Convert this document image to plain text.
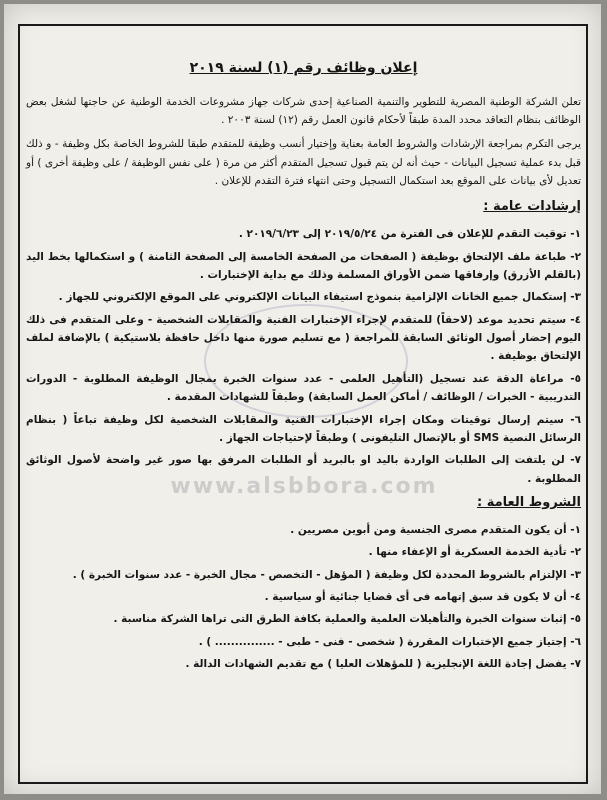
www.alsbbora.com
إعلان وظائف رقم (١) لسنة ٢٠١٩

تعلن الشركة الوطنية المصرية للتطوير والتنمية الصناعية إحدى شركات جهاز مشروعات الخدمة الوطنية عن حاجتها لشغل بعض الوظائف بنظام التعاقد محدد المدة طبقاً لأحكام قانون العمل رقم (١٢) لسنة ٢٠٠٣ .

يرجى التكرم بمراجعة الإرشادات والشروط العامة بعناية وإختيار أنسب وظيفة للمتقدم طبقا للشروط الخاصة بكل وظيفة - و ذلك قبل بدء عملية تسجيل البيانات - حيث أنه لن يتم قبول تسجيل المتقدم أكثر من مرة ( على نفس الوظيفة / على وظيفة أخرى ) أو تعديل لأى بيانات على الموقع بعد استكمال التسجيل وحتى انتهاء فترة التقدم للإعلان .

إرشادات عامة :
١- توقيت التقدم للإعلان فى الفترة من ٢٠١٩/٥/٢٤ إلى ٢٠١٩/٦/٢٣ .
٢- طباعة ملف الإلتحاق بوظيفة ( الصفحات من الصفحة الخامسة إلى الصفحة الثامنة ) و استكمالها بخط اليد (بالقلم الأزرق) وإرفاقها ضمن الأوراق المسلمة وذلك مع بداية الإختبارات .
٣- إستكمال جميع الخانات الإلزامية بنموذج استيفاء البيانات الإلكتروني على الموقع الإلكتروني للجهاز .
٤- سيتم تحديد موعد (لاحقاً) للمتقدم لإجراء الإختبارات الفنية والمقابلات الشخصية - وعلى المتقدم فى ذلك اليوم إحضار أصول الوثائق السابقة للمراجعة ( مع تسليم صورة منها داخل حافظة بلاستيكية ) بالإضافة لملف الإلتحاق بوظيفة .
٥- مراعاة الدقة عند تسجيل (التأهيل العلمى - عدد سنوات الخبرة بمجال الوظيفة المطلوبة - الدورات التدريبية - الخبرات / الوظائف / أماكن العمل السابقة) وطبقاً للشهادات المقدمة .
٦- سيتم إرسال توقيتات ومكان إجراء الإختبارات الفنية والمقابلات الشخصية لكل وظيفة تباعاً ( بنظام الرسائل النصية SMS أو بالإتصال التليفونى ) وطبقاً لإحتياجات الجهاز .
٧- لن يلتفت إلى الطلبات الواردة باليد او بالبريد أو الطلبات المرفق بها صور غير واضحة لأصول الوثائق المطلوبة .
الشروط العامة :
١- أن يكون المتقدم مصرى الجنسية ومن أبوين مصريين .
٢- تأدية الخدمة العسكرية أو الإعفاء منها .
٣- الإلتزام بالشروط المحددة لكل وظيفة ( المؤهل - التخصص - مجال الخبرة - عدد سنوات الخبرة ) .
٤- أن لا يكون قد سبق إتهامه فى أى قضايا جنائية أو سياسية .
٥- إثبات سنوات الخبرة والتأهيلات العلمية والعملية بكافة الطرق التى تراها الشركة مناسبة .
٦- إجتياز جميع الإختبارات المقررة ( شخصى - فنى - طبى - ............... ) .
٧- يفضل إجادة اللغة الإنجليزية ( للمؤهلات العليا ) مع تقديم الشهادات الدالة .
